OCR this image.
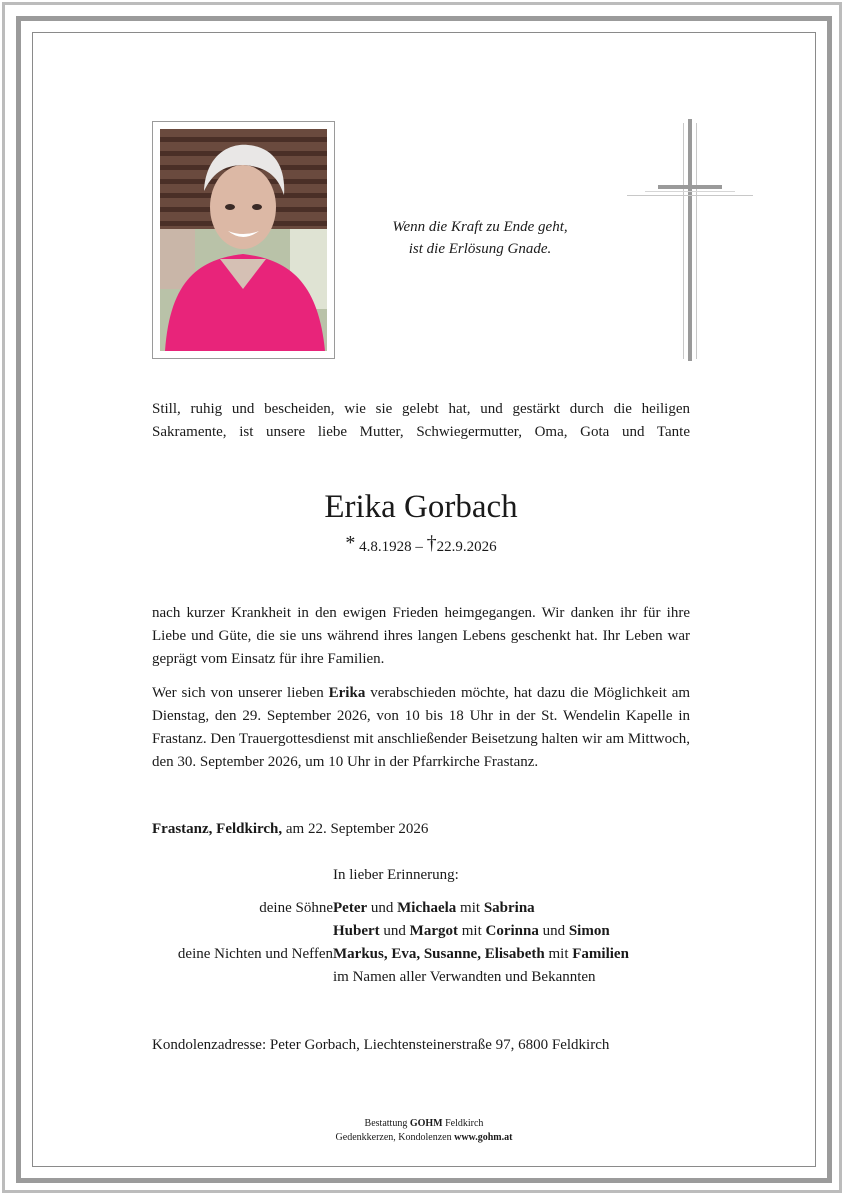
Wenn die Kraft zu Ende geht,
ist die Erlösung Gnade.
Still, ruhig und bescheiden, wie sie gelebt hat, und gestärkt durch die heiligen Sakramente, ist unsere liebe Mutter, Schwiegermutter, Oma, Gota und Tante
Erika Gorbach
* 4.8.1928 – †22.9.2026
nach kurzer Krankheit in den ewigen Frieden heimgegangen. Wir danken ihr für ihre Liebe und Güte, die sie uns während ihres langen Lebens geschenkt hat. Ihr Leben war geprägt vom Einsatz für ihre Familien.
Wer sich von unserer lieben Erika verabschieden möchte, hat dazu die Möglichkeit am Dienstag, den 29. September 2026, von 10 bis 18 Uhr in der St. Wendelin Kapelle in Frastanz. Den Trauergottesdienst mit anschließender Beisetzung halten wir am Mittwoch, den 30. September 2026, um 10 Uhr in der Pfarrkirche Frastanz.
Frastanz, Feldkirch, am 22. September 2026
In lieber Erinnerung:
deine Söhne Peter und Michaela mit Sabrina
Hubert und Margot mit Corinna und Simon
deine Nichten und Neffen Markus, Eva, Susanne, Elisabeth mit Familien
im Namen aller Verwandten und Bekannten
Kondolenzadresse: Peter Gorbach, Liechtensteinerstraße 97, 6800 Feldkirch
Bestattung GOHM Feldkirch
Gedenkkerzen, Kondolenzen www.gohm.at
